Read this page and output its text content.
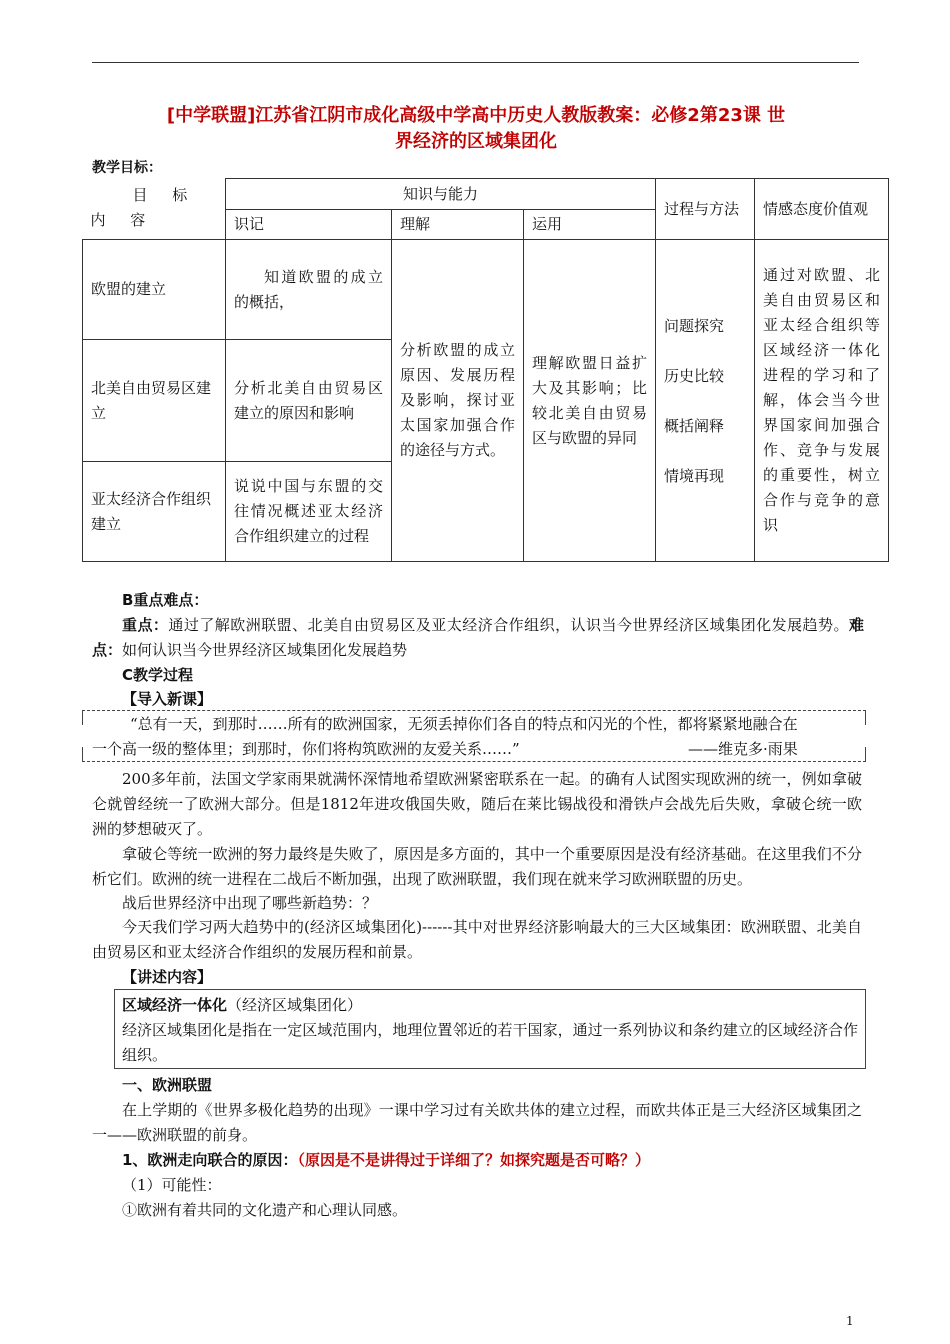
[中学联盟]江苏省江阴市成化高级中学高中历史人教版教案：必修2第23课 世
界经济的区域集团化
教学目标：
目 标
内 容	知识与能力			过程与方法	情感态度价值观
	识记	理解	运用		
欧盟的建立	知道欧盟的成立的概括，	分析欧盟的成立原因、发展历程及影响，探讨亚太国家加强合作的途径与方式。	理解欧盟日益扩大及其影响；比较北美自由贸易区与欧盟的异同	问题探究
历史比较
概括阐释
情境再现	通过对欧盟、北美自由贸易区和亚太经合组织等区域经济一体化进程的学习和了解，体会当今世界国家间加强合作、竞争与发展的重要性，树立合作与竞争的意识
北美自由贸易区建立	分析北美自由贸易区建立的原因和影响				
亚太经济合作组织建立	说说中国与东盟的交往情况概述亚太经济合作组织建立的过程				
B重点难点：
重点：通过了解欧洲联盟、北美自由贸易区及亚太经济合作组织，认识当今世界经济区域集团化发展趋势。难点：如何认识当今世界经济区域集团化发展趋势
C教学过程
【导入新课】
“总有一天，到那时……所有的欧洲国家，无须丢掉你们各自的特点和闪光的个性，都将紧紧地融合在
一个高一级的整体里；到那时，你们将构筑欧洲的友爱关系……”	——维克多·雨果
200多年前，法国文学家雨果就满怀深情地希望欧洲紧密联系在一起。的确有人试图实现欧洲的统一，例如拿破仑就曾经统一了欧洲大部分。但是1812年进攻俄国失败，随后在莱比锡战役和滑铁卢会战先后失败，拿破仑统一欧洲的梦想破灭了。
拿破仑等统一欧洲的努力最终是失败了，原因是多方面的，其中一个重要原因是没有经济基础。在这里我们不分析它们。欧洲的统一进程在二战后不断加强，出现了欧洲联盟，我们现在就来学习欧洲联盟的历史。
战后世界经济中出现了哪些新趋势：？
今天我们学习两大趋势中的(经济区域集团化)------其中对世界经济影响最大的三大区域集团：欧洲联盟、北美自由贸易区和亚太经济合作组织的发展历程和前景。
【讲述内容】
区域经济一体化（经济区域集团化）
经济区域集团化是指在一定区域范围内，地理位置邻近的若干国家，通过一系列协议和条约建立的区域经济合作组织。
一、欧洲联盟
在上学期的《世界多极化趋势的出现》一课中学习过有关欧共体的建立过程，而欧共体正是三大经济区域集团之一——欧洲联盟的前身。
1、欧洲走向联合的原因：（原因是不是讲得过于详细了？如探究题是否可略？）
（1）可能性：
①欧洲有着共同的文化遗产和心理认同感。
1
